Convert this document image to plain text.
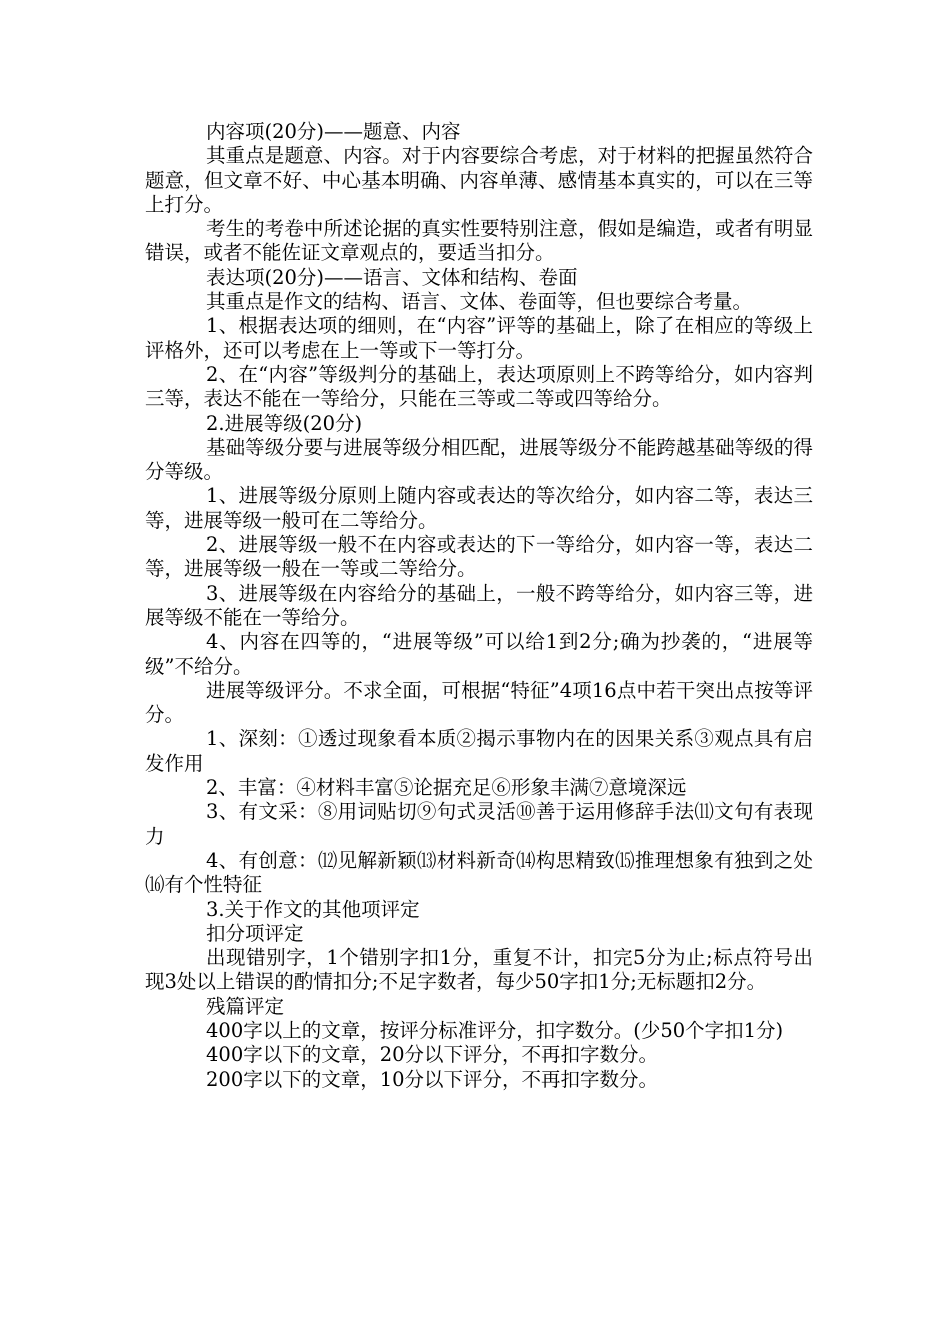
内容项(20分)——题意、内容

其重点是题意、内容。对于内容要综合考虑，对于材料的把握虽然符合题意，但文章不好、中心基本明确、内容单薄、感情基本真实的，可以在三等上打分。

考生的考卷中所述论据的真实性要特别注意，假如是编造，或者有明显错误，或者不能佐证文章观点的，要适当扣分。

表达项(20分)——语言、文体和结构、卷面

其重点是作文的结构、语言、文体、卷面等，但也要综合考量。

1、根据表达项的细则，在“内容”评等的基础上，除了在相应的等级上评格外，还可以考虑在上一等或下一等打分。

2、在“内容”等级判分的基础上，表达项原则上不跨等给分，如内容判三等，表达不能在一等给分，只能在三等或二等或四等给分。

2.进展等级(20分)

基础等级分要与进展等级分相匹配，进展等级分不能跨越基础等级的得分等级。

1、进展等级分原则上随内容或表达的等次给分，如内容二等，表达三等，进展等级一般可在二等给分。

2、进展等级一般不在内容或表达的下一等给分，如内容一等，表达二等，进展等级一般在一等或二等给分。

3、进展等级在内容给分的基础上，一般不跨等给分，如内容三等，进展等级不能在一等给分。

4、内容在四等的，“进展等级”可以给1到2分;确为抄袭的，“进展等级”不给分。

进展等级评分。不求全面，可根据“特征”4项16点中若干突出点按等评分。

1、深刻：①透过现象看本质②揭示事物内在的因果关系③观点具有启发作用

2、丰富：④材料丰富⑤论据充足⑥形象丰满⑦意境深远

3、有文采：⑧用词贴切⑨句式灵活⑩善于运用修辞手法⑾文句有表现力

4、有创意：⑿见解新颖⒀材料新奇⒁构思精致⒂推理想象有独到之处⒃有个性特征

3.关于作文的其他项评定

扣分项评定

出现错别字，1个错别字扣1分，重复不计，扣完5分为止;标点符号出现3处以上错误的酌情扣分;不足字数者，每少50字扣1分;无标题扣2分。

残篇评定

400字以上的文章，按评分标准评分，扣字数分。(少50个字扣1分)

400字以下的文章，20分以下评分，不再扣字数分。

200字以下的文章，10分以下评分，不再扣字数分。
